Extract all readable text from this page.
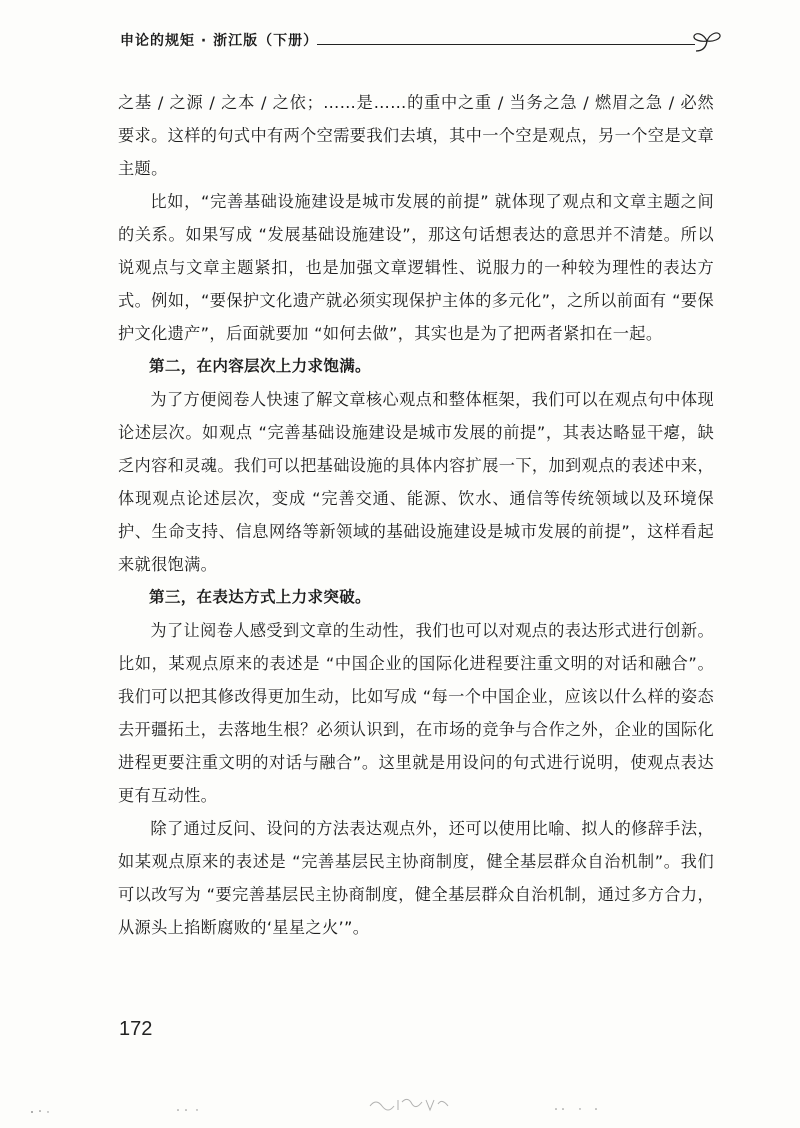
申论的规矩 · 浙江版（下册）

之基 / 之源 / 之本 / 之依；……是……的重中之重 / 当务之急 / 燃眉之急 / 必然要求。这样的句式中有两个空需要我们去填，其中一个空是观点，另一个空是文章主题。

比如，“完善基础设施建设是城市发展的前提” 就体现了观点和文章主题之间的关系。如果写成 “发展基础设施建设”，那这句话想表达的意思并不清楚。所以说观点与文章主题紧扣，也是加强文章逻辑性、说服力的一种较为理性的表达方式。例如，“要保护文化遗产就必须实现保护主体的多元化”，之所以前面有 “要保护文化遗产”，后面就要加 “如何去做”，其实也是为了把两者紧扣在一起。

第二，在内容层次上力求饱满。

为了方便阅卷人快速了解文章核心观点和整体框架，我们可以在观点句中体现论述层次。如观点 “完善基础设施建设是城市发展的前提”，其表达略显干瘪，缺乏内容和灵魂。我们可以把基础设施的具体内容扩展一下，加到观点的表述中来，体现观点论述层次，变成 “完善交通、能源、饮水、通信等传统领域以及环境保护、生命支持、信息网络等新领域的基础设施建设是城市发展的前提”，这样看起来就很饱满。

第三，在表达方式上力求突破。

为了让阅卷人感受到文章的生动性，我们也可以对观点的表达形式进行创新。比如，某观点原来的表述是 “中国企业的国际化进程要注重文明的对话和融合”。我们可以把其修改得更加生动，比如写成 “每一个中国企业，应该以什么样的姿态去开疆拓土，去落地生根？必须认识到，在市场的竞争与合作之外，企业的国际化进程更要注重文明的对话与融合”。这里就是用设问的句式进行说明，使观点表达更有互动性。

除了通过反问、设问的方法表达观点外，还可以使用比喻、拟人的修辞手法，如某观点原来的表述是 “完善基层民主协商制度，健全基层群众自治机制”。我们可以改写为 “要完善基层民主协商制度，健全基层群众自治机制，通过多方合力，从源头上掐断腐败的‘星星之火’”。

172
